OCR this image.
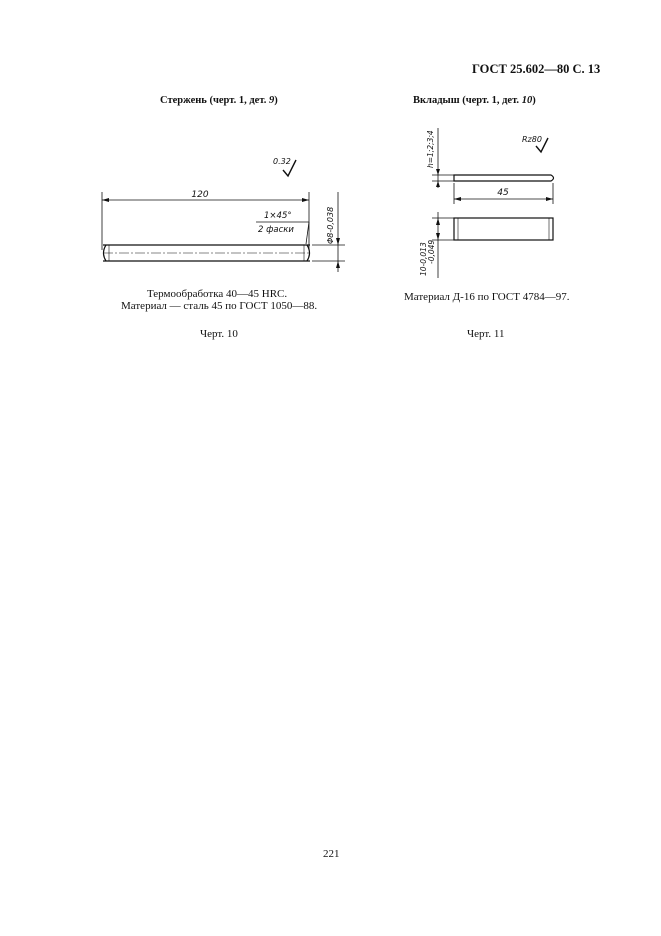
ГОСТ 25.602—80 С. 13
Стержень (черт. 1, дет. 9)	Вкладыш (черт. 1, дет. 10)
0.32
120
1×45°
2 фаски	Φ8-0,038
Rz80
h=1;2;3;4
45
10-0,013 -0,049
Термообработка 40—45 HRC.
Материал — сталь 45 по ГОСТ 1050—88.
Черт. 10
Материал Д-16 по ГОСТ 4784—97.
Черт. 11
221
